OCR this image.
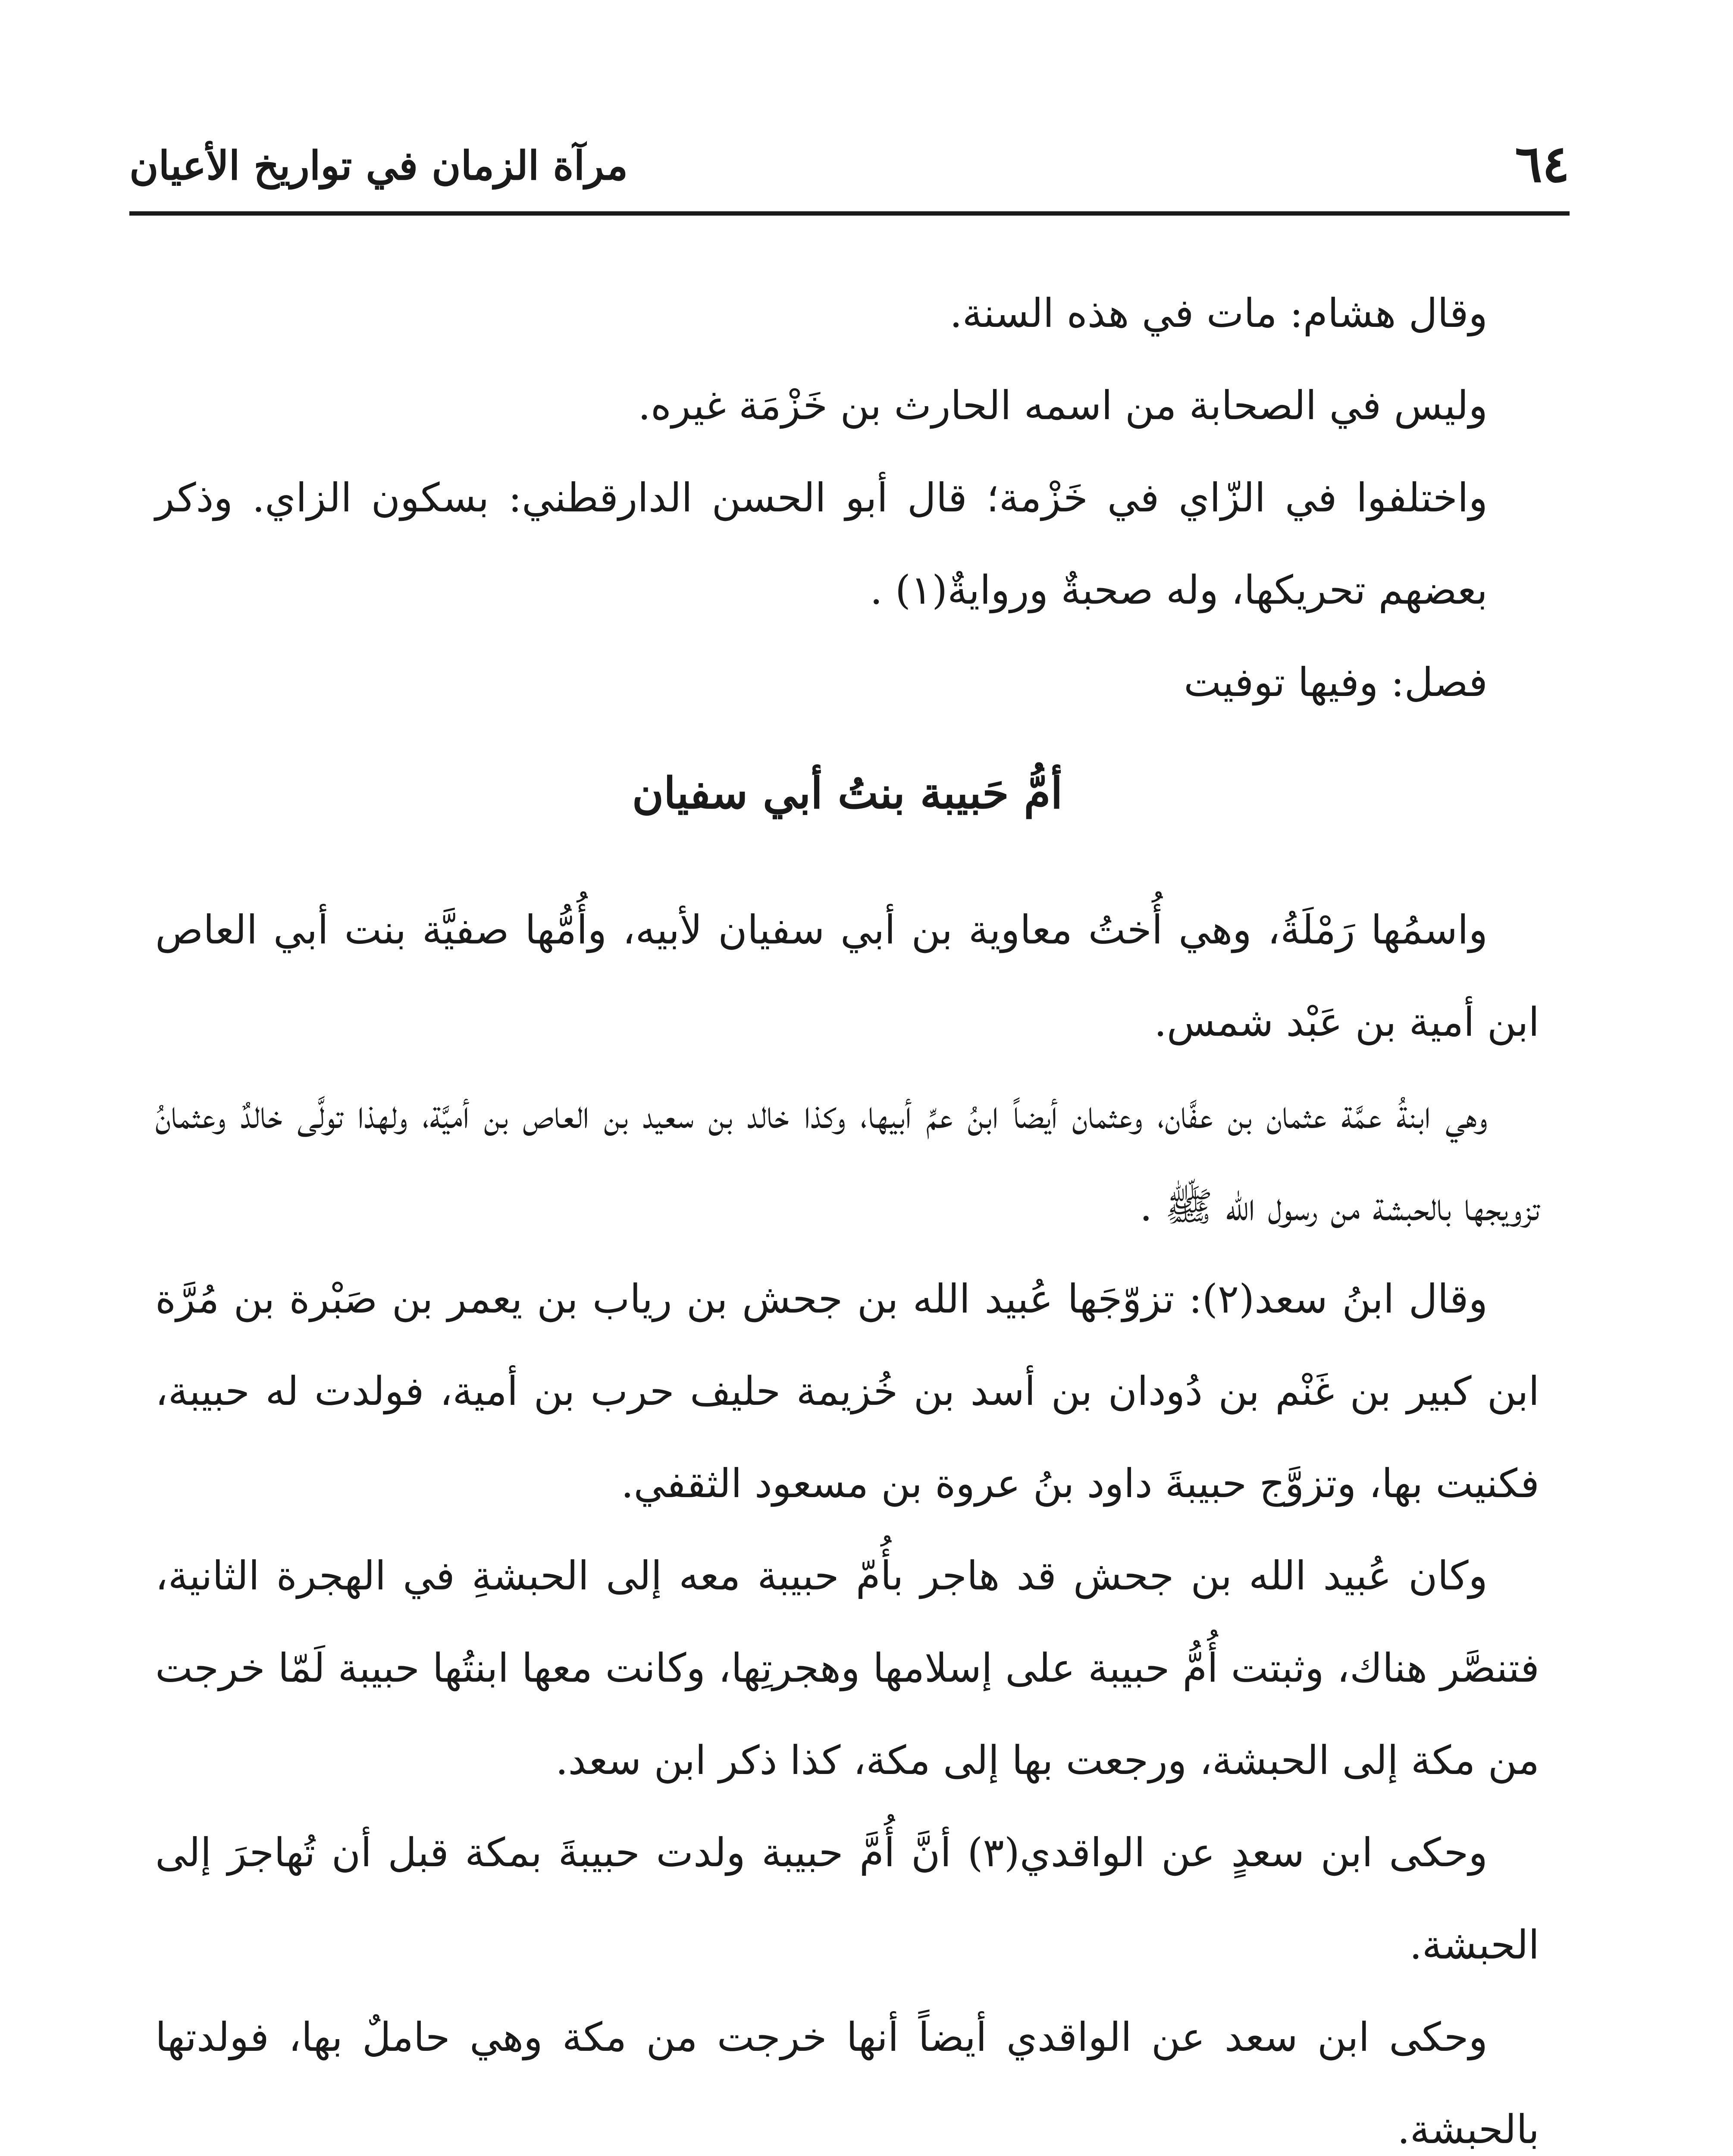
٦٤
مرآة الزمان في تواريخ الأعيان

وقال هشام: مات في هذه السنة.

وليس في الصحابة من اسمه الحارث بن خَزْمَة غيره.

واختلفوا في الزّاي في خَزْمة؛ قال أبو الحسن الدارقطني: بسكون الزاي. وذكر بعضهم تحريكها، وله صحبةٌ وروايةٌ(١) .

فصل: وفيها توفيت

أمُّ حَبيبة بنتُ أبي سفيان

واسمُها رَمْلَةُ، وهي أُختُ معاوية بن أبي سفيان لأبيه، وأُمُّها صفيَّة بنت أبي العاص ابن أمية بن عَبْد شمس.

وهي ابنةُ عمَّة عثمان بن عفَّان، وعثمان أيضاً ابنُ عمِّ أبيها، وكذا خالد بن سعيد بن العاص بن أميَّة، ولهذا تولَّى خالدٌ وعثمانُ تزويجها بالحبشة من رسول الله ﷺ .

وقال ابنُ سعد(٢): تزوّجَها عُبيد الله بن جحش بن رياب بن يعمر بن صَبْرة بن مُرَّة ابن كبير بن غَنْم بن دُودان بن أسد بن خُزيمة حليف حرب بن أمية، فولدت له حبيبة، فكنيت بها، وتزوَّج حبيبةَ داود بنُ عروة بن مسعود الثقفي.

وكان عُبيد الله بن جحش قد هاجر بأُمّ حبيبة معه إلى الحبشةِ في الهجرة الثانية، فتنصَّر هناك، وثبتت أُمُّ حبيبة على إسلامها وهجرتِها، وكانت معها ابنتُها حبيبة لَمّا خرجت من مكة إلى الحبشة، ورجعت بها إلى مكة، كذا ذكر ابن سعد.

وحكى ابن سعدٍ عن الواقدي(٣) أنَّ أُمَّ حبيبة ولدت حبيبةَ بمكة قبل أن تُهاجرَ إلى الحبشة.

وحكى ابن سعد عن الواقدي أيضاً أنها خرجت من مكة وهي حاملٌ بها، فولدتها بالحبشة.
